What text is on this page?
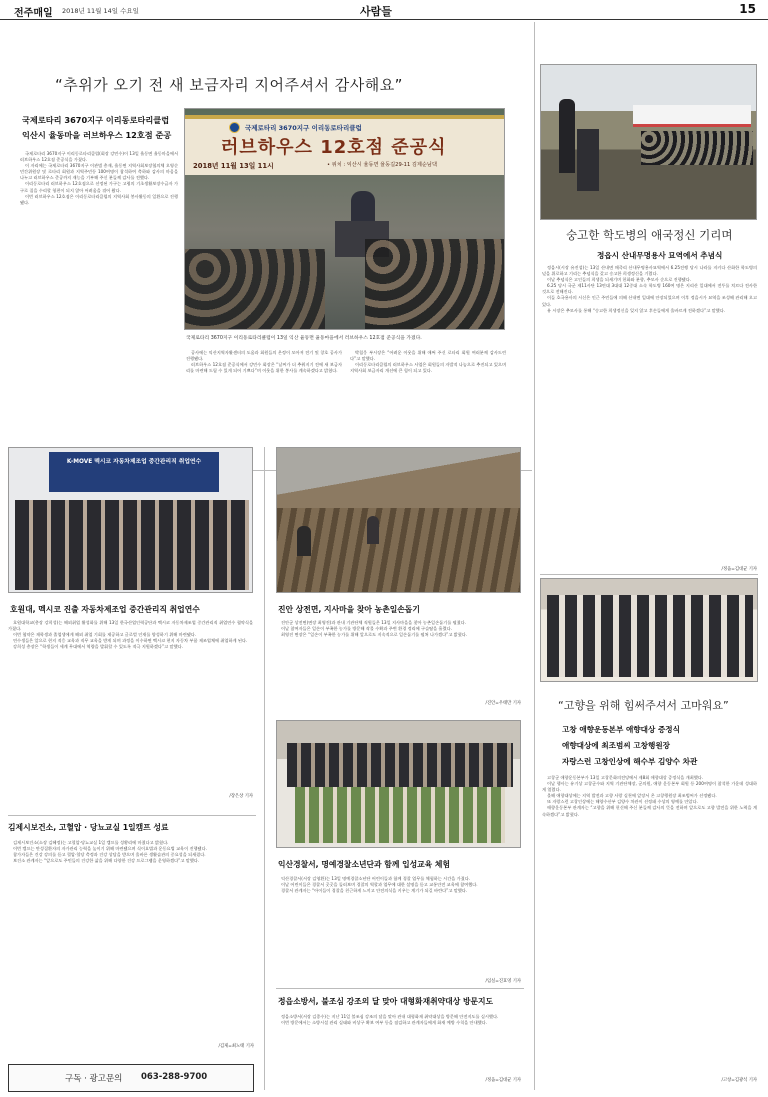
전주매일 2018년 11월 14일 수요일	사람들	15
“추위가 오기 전 새 보금자리 지어주셔서 감사해요”
국제로타리 3670지구 이리동로타리클럽
익산시 율동마을 러브하우스 12호점 준공
국제로타리 3670지구 이리동로타리클럽
러브하우스 12호점 준공식
2018년 11월 13일 11시	• 위치 : 익산시 율동면 율동길29-11 김제순님댁
국제로타리 3670지구 이리동로타리클럽이 13일 익산 율동면 율동마을에서 러브하우스 12호점 준공식을 가졌다.

국제로타리 3670지구 이리동로타리클럽(회장 강민수)이 13일 율동면 율동마을에서 러브하우스 12호점 준공식을 가졌다.

이 자리에는 국제로타리 3670지구 이관범 총재, 율동면 지역사회보장협의체 오영순 민간위원장 및 로타리 회원과 지역주민등 100여명이 참석하여 축하와 감사의 마음을 나누고 러브하우스 준공까지 재능을 기부해 주신 분들께 감사를 전했다.

이리동로타리 러브하우스 12호점으로 선정된 가구는 고령의 기초생활보장수급자 가구로 집을 수리할 형편이 되지 않아 어려움을 겪어 왔다.

이번 러브하우스 12호점은 이리동로타리클럽의 지역사회 봉사활동의 일환으로 진행됐다.

공사에는 익산지역자활센터의 도움과 회원들의 온정이 모아져 전기 및 창호 공사가 진행됐다.

러브하우스 12호점 준공식에서 강민수 회장은 “날씨가 더 추워지기 전에 새 보금자리를 마련해 드릴 수 있게 되어 기쁘다”며 이웃을 위한 봉사를 계속하겠다고 밝혔다.

박철웅 부시장은 “어려운 이웃을 위해 애써 주신 로타리 회원 여러분께 감사드린다”고 말했다.

이리동로타리클럽의 러브하우스 사업은 회원들의 자발적 나눔으로 추진되고 있으며 지역사회 보금자리 개선에 큰 힘이 되고 있다.

숭고한 학도병의 애국정신 기리며
정읍시 산내무명용사 묘역에서 추념식

정읍시(시장 유진섭)는 13일 산내면 매죽리 산내무명용사묘역에서 6.25전쟁 당시 나라를 지키다 산화한 학도병의 넋을 위로하고 기리는 추념식을 갖고 숭고한 희생정신을 기렸다.

이날 추념식은 고인들의 희생을 되새기며 헌화와 분향, 추모사 순으로 진행됐다.

6.25 당시 국군 제11사단 13연대 3대대 12중대 소속 학도병 160여 명은 지리산 일대에서 전투를 치르다 전사한 것으로 전해진다.

이들 호국용사의 시신은 인근 주민들에 의해 산내면 일대에 안장되었으며 이후 정읍시가 묘역을 조성해 관리해 오고 있다.

유 시장은 추모사를 통해 “숭고한 희생정신을 잊지 않고 후손들에게 올바르게 전하겠다”고 말했다.

/정읍=김대균 기자
“고향을 위해 힘써주셔서 고마워요”
고창 애향운동본부 애향대상 증정식
애향대상에 최조범씨 고창행원장
자랑스런 고창인상에 해수부 김양수 차관

고창군 애향운동본부가 13일 고창문화의전당에서 제8회 애향대상 증정식을 개최했다.

이날 행사는 유기상 고창군수와 지역 기관단체장, 군의원, 애향 운동본부 회원 등 200여명이 참석한 가운데 성대하게 열렸다.

올해 애향대상에는 지역 발전과 고향 사랑 실천에 앞장서 온 고창행원장 최조범씨가 선정됐다.

또 자랑스런 고창인상에는 해양수산부 김양수 차관이 선정돼 수상의 영예를 안았다.

애향운동본부 관계자는 “고향을 위해 헌신해 주신 분들께 감사의 뜻을 전하며 앞으로도 고향 발전을 위한 노력을 계속하겠다”고 밝혔다.

/고창=김광석 기자
K-MOVE 멕시코 자동차제조업 중간관리직 취업연수
호원대, 멕시코 진출 자동차제조업 중간관리직 취업연수

호원대학교(총장 강희성)는 해외취업 활성화를 위해 13일 한국산업인력공단과 멕시코 자동차제조업 중간관리직 취업연수 협약식을 가졌다.

이번 협약은 재학생과 졸업생에게 해외 취업 기회를 제공하고 글로벌 인재를 양성하기 위해 마련됐다.

연수생들은 앞으로 현지 적응 교육과 직무 교육을 받게 되며 과정을 이수하면 멕시코 현지 자동차 부품 제조업체에 취업하게 된다.

강희성 총장은 “학생들이 세계 무대에서 역량을 발휘할 수 있도록 적극 지원하겠다”고 말했다.

/장은상 기자
진안 상전면, 지사마을 찾아 농촌일손돕기

진안군 상전면(면장 최영진)과 관내 기관단체 직원들은 13일 지사마을을 찾아 농촌일손돕기를 펼쳤다.

이날 참여자들은 일손이 부족한 농가를 방문해 작물 수확과 주변 환경 정리에 구슬땀을 흘렸다.

최영진 면장은 “일손이 부족한 농가를 위해 앞으로도 지속적으로 일손돕기를 펼쳐 나가겠다”고 밝혔다.

/진안=우태만 기자
김제시보건소, 고혈압 · 당뇨교실 1일캠프 성료

김제시보건소(소장 김혜정)는 고혈압·당뇨교실 1일 캠프를 성황리에 마쳤다고 밝혔다.

이번 캠프는 만성질환자의 자가관리 능력을 높이기 위해 마련됐으며 식이요법과 운동요법 교육이 진행됐다.

참가자들은 건강 강의를 듣고 혈압·혈당 측정과 건강 상담을 받으며 올바른 생활습관의 중요성을 되새겼다.

보건소 관계자는 “앞으로도 주민들의 건강한 삶을 위해 다양한 건강 프로그램을 운영하겠다”고 말했다.

/김제=최노태 기자
구독 · 광고문의 063-288-9700
익산경찰서, 명예경찰소년단과 함께 입성교육 체험

익산경찰서(서장 김영환)는 13일 명예경찰소년단 어린이들과 함께 경찰 업무를 체험하는 시간을 가졌다.

이날 어린이들은 경찰서 곳곳을 둘러보며 경찰의 역할과 업무에 대한 설명을 듣고 교통안전 교육에 참여했다.

경찰서 관계자는 “아이들이 경찰을 친근하게 느끼고 안전의식을 키우는 계기가 되길 바란다”고 말했다.

/임실=진효영 기자
정읍소방서, 불조심 강조의 달 맞아 대형화재취약대상 방문지도

정읍소방서(서장 김종수)는 지난 11일 불조심 강조의 달을 맞아 관내 대형화재 취약대상을 방문해 안전지도를 실시했다.

이번 방문에서는 소방시설 관리 실태와 비상구 확보 여부 등을 점검하고 관계자들에게 화재 예방 수칙을 안내했다.

/정읍=김대균 기자
